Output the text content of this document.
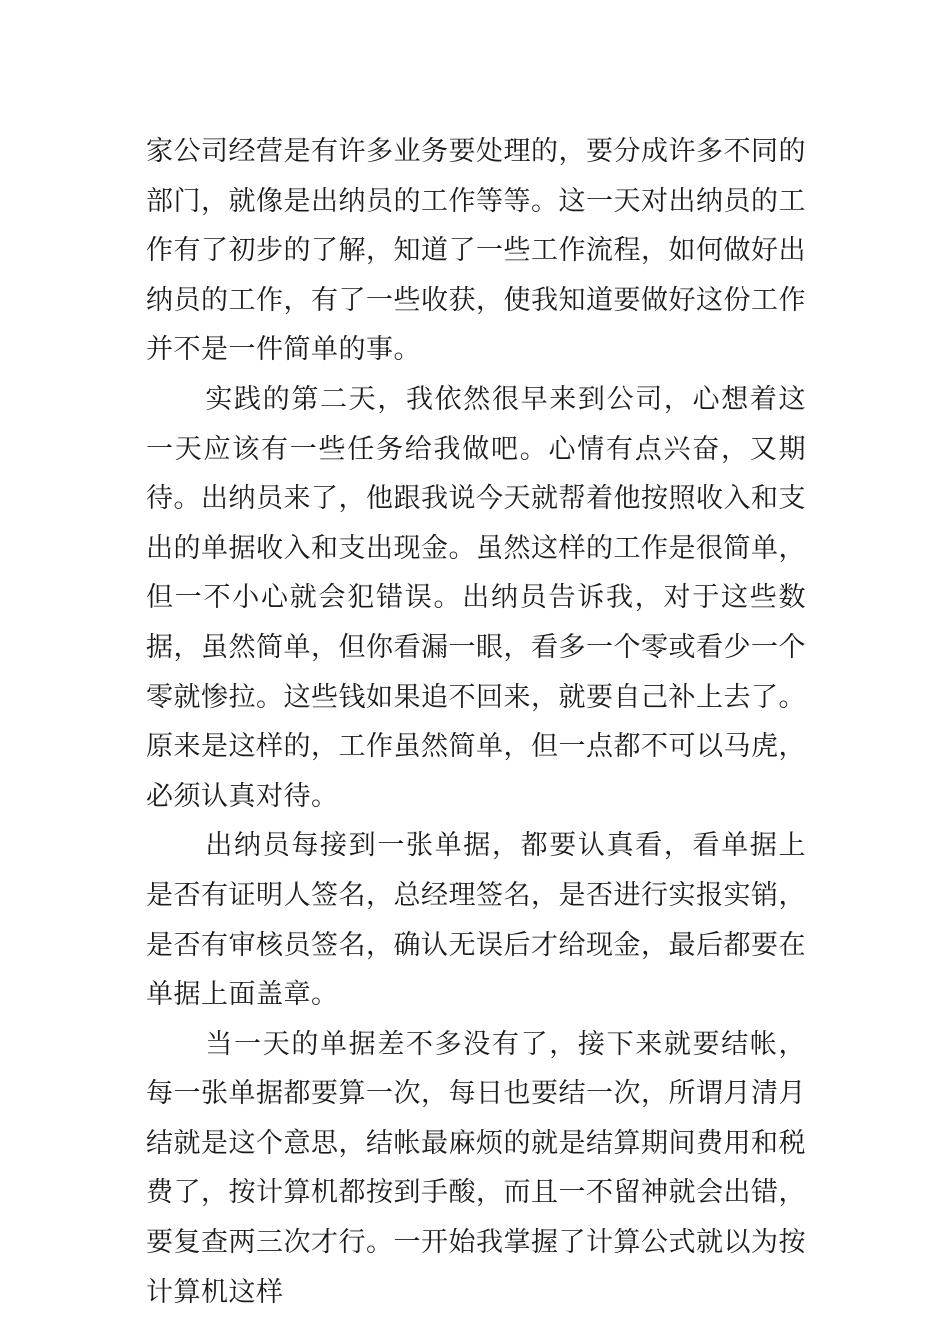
家公司经营是有许多业务要处理的，要分成许多不同的部门，就像是出纳员的工作等等。这一天对出纳员的工作有了初步的了解，知道了一些工作流程，如何做好出纳员的工作，有了一些收获，使我知道要做好这份工作并不是一件简单的事。

实践的第二天，我依然很早来到公司，心想着这一天应该有一些任务给我做吧。心情有点兴奋，又期待。出纳员来了，他跟我说今天就帮着他按照收入和支出的单据收入和支出现金。虽然这样的工作是很简单，但一不小心就会犯错误。出纳员告诉我，对于这些数据，虽然简单，但你看漏一眼，看多一个零或看少一个零就惨拉。这些钱如果追不回来，就要自己补上去了。原来是这样的，工作虽然简单，但一点都不可以马虎，必须认真对待。

出纳员每接到一张单据，都要认真看，看单据上是否有证明人签名，总经理签名，是否进行实报实销，是否有审核员签名，确认无误后才给现金，最后都要在单据上面盖章。

当一天的单据差不多没有了，接下来就要结帐，每一张单据都要算一次，每日也要结一次，所谓月清月结就是这个意思，结帐最麻烦的就是结算期间费用和税费了，按计算机都按到手酸，而且一不留神就会出错，要复查两三次才行。一开始我掌握了计算公式就以为按计算机这样
